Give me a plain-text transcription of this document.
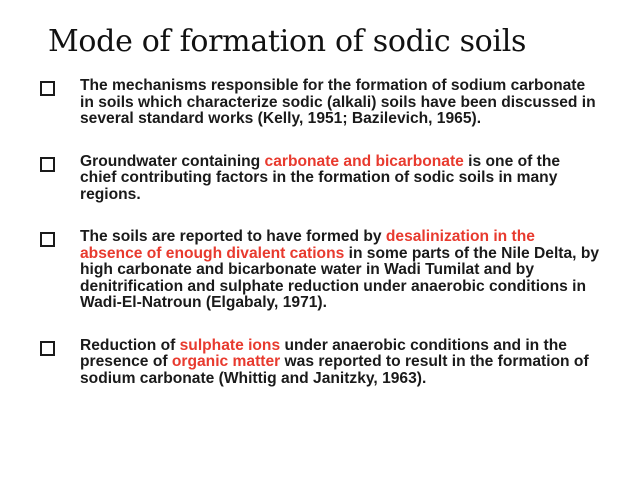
Mode of formation of sodic soils
The mechanisms responsible for the formation of sodium carbonate in soils which characterize sodic (alkali) soils have been discussed in several standard works (Kelly, 1951; Bazilevich, 1965).
Groundwater containing carbonate and bicarbonate is one of the chief contributing factors in the formation of sodic soils in many regions.
The soils are reported to have formed by desalinization in the absence of enough divalent cations in some parts of the Nile Delta, by high carbonate and bicarbonate water in Wadi Tumilat and by denitrification and sulphate reduction under anaerobic conditions in Wadi-El-Natroun (Elgabaly, 1971).
Reduction of sulphate ions under anaerobic conditions and in the presence of organic matter was reported to result in the formation of sodium carbonate (Whittig and Janitzky, 1963).
